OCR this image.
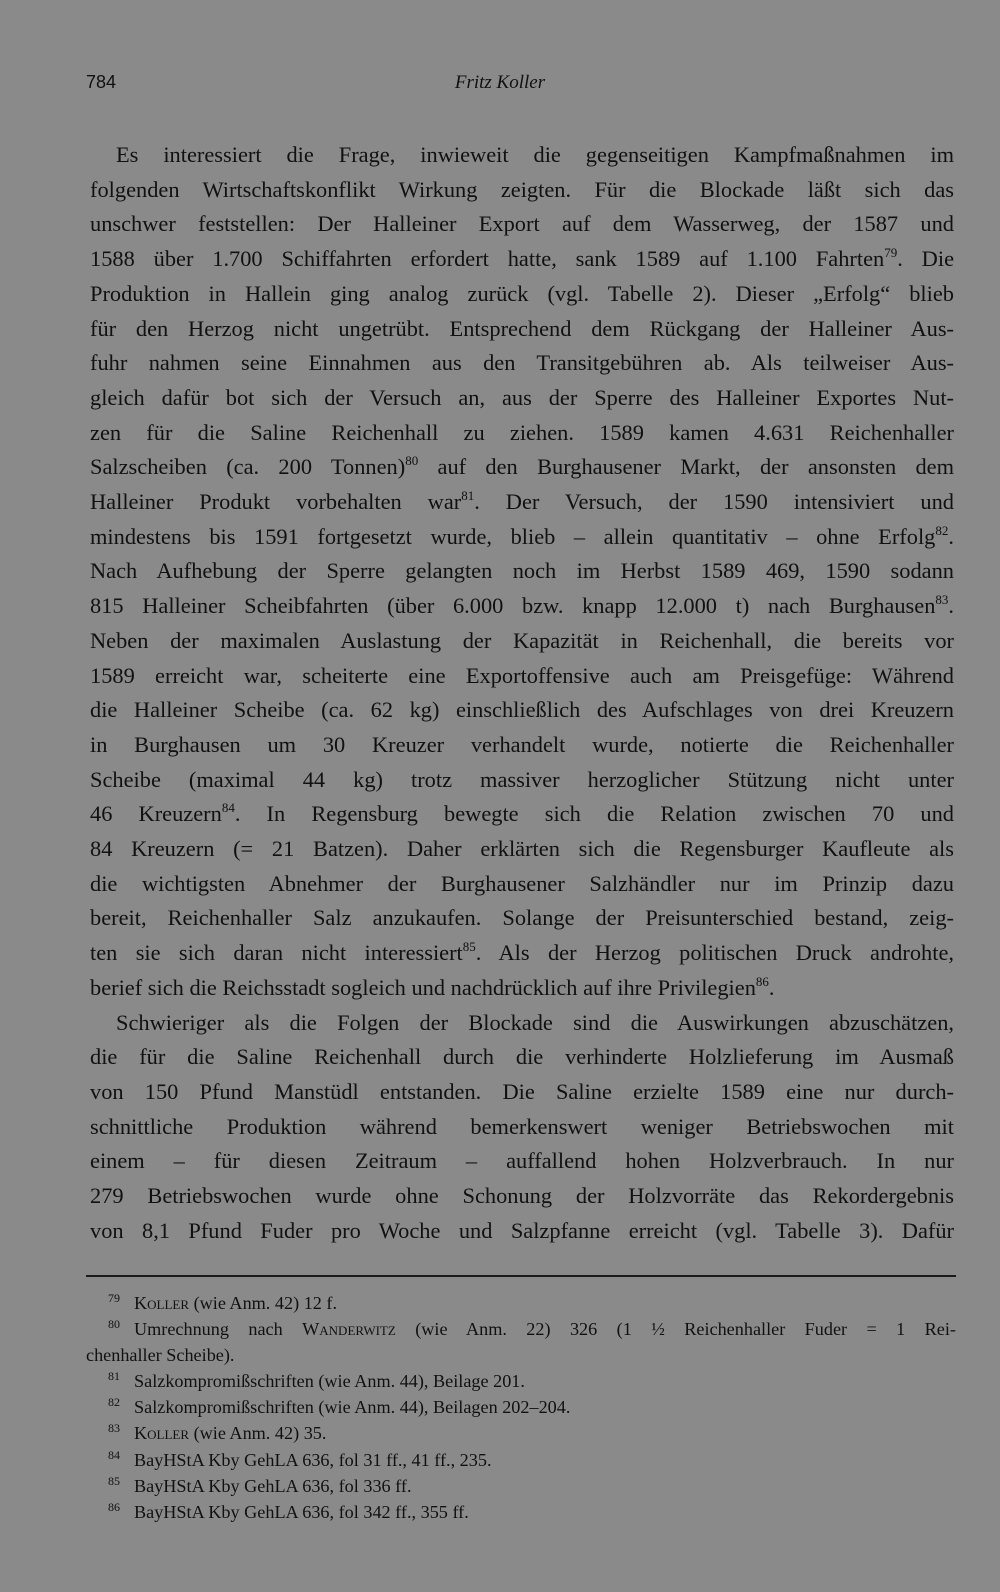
784	Fritz Koller
Es interessiert die Frage, inwieweit die gegenseitigen Kampfmaßnahmen im
folgenden Wirtschaftskonflikt Wirkung zeigten. Für die Blockade läßt sich das
unschwer feststellen: Der Halleiner Export auf dem Wasserweg, der 1587 und
1588 über 1.700 Schiffahrten erfordert hatte, sank 1589 auf 1.100 Fahrten$^{79}$. Die
Produktion in Hallein ging analog zurück (vgl. Tabelle 2). Dieser „Erfolg“ blieb
für den Herzog nicht ungetrübt. Entsprechend dem Rückgang der Halleiner Aus-
fuhr nahmen seine Einnahmen aus den Transitgebühren ab. Als teilweiser Aus-
gleich dafür bot sich der Versuch an, aus der Sperre des Halleiner Exportes Nut-
zen für die Saline Reichenhall zu ziehen. 1589 kamen 4.631 Reichenhaller
Salzscheiben (ca. 200 Tonnen)$^{80}$ auf den Burghausener Markt, der ansonsten dem
Halleiner Produkt vorbehalten war$^{81}$. Der Versuch, der 1590 intensiviert und
mindestens bis 1591 fortgesetzt wurde, blieb – allein quantitativ – ohne Erfolg$^{82}$.
Nach Aufhebung der Sperre gelangten noch im Herbst 1589 469, 1590 sodann
815 Halleiner Scheibfahrten (über 6.000 bzw. knapp 12.000 t) nach Burghausen$^{83}$.
Neben der maximalen Auslastung der Kapazität in Reichenhall, die bereits vor
1589 erreicht war, scheiterte eine Exportoffensive auch am Preisgefüge: Während
die Halleiner Scheibe (ca. 62 kg) einschließlich des Aufschlages von drei Kreuzern
in Burghausen um 30 Kreuzer verhandelt wurde, notierte die Reichenhaller
Scheibe (maximal 44 kg) trotz massiver herzoglicher Stützung nicht unter
46 Kreuzern$^{84}$. In Regensburg bewegte sich die Relation zwischen 70 und
84 Kreuzern (= 21 Batzen). Daher erklärten sich die Regensburger Kaufleute als
die wichtigsten Abnehmer der Burghausener Salzhändler nur im Prinzip dazu
bereit, Reichenhaller Salz anzukaufen. Solange der Preisunterschied bestand, zeig-
ten sie sich daran nicht interessiert$^{85}$. Als der Herzog politischen Druck androhte,
berief sich die Reichsstadt sogleich und nachdrücklich auf ihre Privilegien$^{86}$.
Schwieriger als die Folgen der Blockade sind die Auswirkungen abzuschätzen,
die für die Saline Reichenhall durch die verhinderte Holzlieferung im Ausmaß
von 150 Pfund Manstüdl entstanden. Die Saline erzielte 1589 eine nur durch-
schnittliche Produktion während bemerkenswert weniger Betriebswochen mit
einem – für diesen Zeitraum – auffallend hohen Holzverbrauch. In nur
279 Betriebswochen wurde ohne Schonung der Holzvorräte das Rekordergebnis
von 8,1 Pfund Fuder pro Woche und Salzpfanne erreicht (vgl. Tabelle 3). Dafür
79 Koller (wie Anm. 42) 12 f.
80 Umrechnung nach Wanderwitz (wie Anm. 22) 326 (1 ½ Reichenhaller Fuder = 1 Rei-
chenhaller Scheibe).
81 Salzkompromißschriften (wie Anm. 44), Beilage 201.
82 Salzkompromißschriften (wie Anm. 44), Beilagen 202–204.
83 Koller (wie Anm. 42) 35.
84 BayHStA Kby GehLA 636, fol 31 ff., 41 ff., 235.
85 BayHStA Kby GehLA 636, fol 336 ff.
86 BayHStA Kby GehLA 636, fol 342 ff., 355 ff.
